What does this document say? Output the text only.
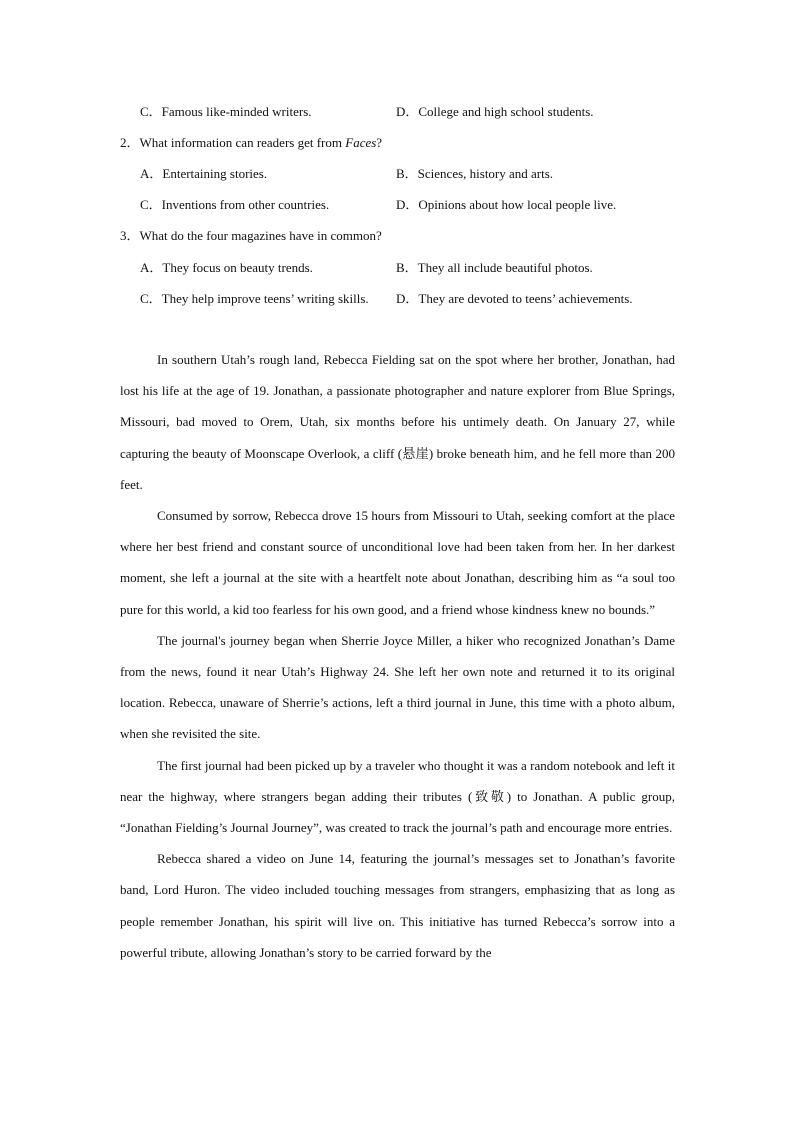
C．Famous like-minded writers.	D．College and high school students.
2．What information can readers get from Faces?
A．Entertaining stories.	B．Sciences, history and arts.
C．Inventions from other countries.	D．Opinions about how local people live.
3．What do the four magazines have in common?
A．They focus on beauty trends.	B．They all include beautiful photos.
C．They help improve teens’ writing skills. D．They are devoted to teens’ achievements.

In southern Utah’s rough land, Rebecca Fielding sat on the spot where her brother, Jonathan, had lost his life at the age of 19. Jonathan, a passionate photographer and nature explorer from Blue Springs, Missouri, bad moved to Orem, Utah, six months before his untimely death. On January 27, while capturing the beauty of Moonscape Overlook, a cliff (悬崖) broke beneath him, and he fell more than 200 feet.

Consumed by sorrow, Rebecca drove 15 hours from Missouri to Utah, seeking comfort at the place where her best friend and constant source of unconditional love had been taken from her. In her darkest moment, she left a journal at the site with a heartfelt note about Jonathan, describing him as “a soul too pure for this world, a kid too fearless for his own good, and a friend whose kindness knew no bounds.”

The journal's journey began when Sherrie Joyce Miller, a hiker who recognized Jonathan’s Dame from the news, found it near Utah’s Highway 24. She left her own note and returned it to its original location. Rebecca, unaware of Sherrie’s actions, left a third journal in June, this time with a photo album, when she revisited the site.

The first journal had been picked up by a traveler who thought it was a random notebook and left it near the highway, where strangers began adding their tributes (致敬) to Jonathan. A public group, “Jonathan Fielding’s Journal Journey”, was created to track the journal’s path and encourage more entries.

Rebecca shared a video on June 14, featuring the journal’s messages set to Jonathan’s favorite band, Lord Huron. The video included touching messages from strangers, emphasizing that as long as people remember Jonathan, his spirit will live on. This initiative has turned Rebecca’s sorrow into a powerful tribute, allowing Jonathan’s story to be carried forward by the
